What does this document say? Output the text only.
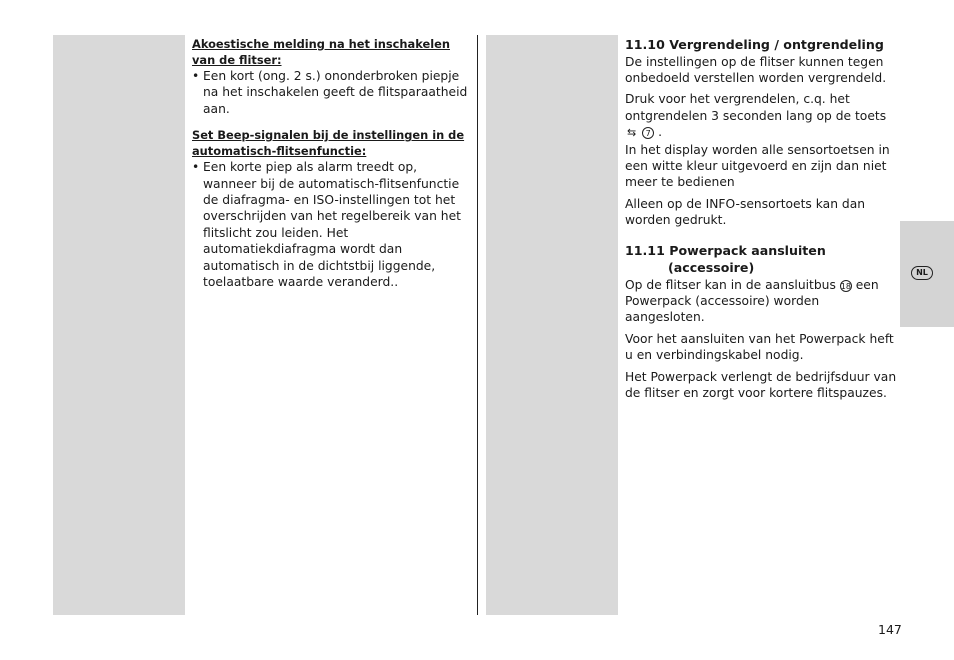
NL

Akoestische melding na het inschakelen van de flitser:

• Een kort (ong. 2 s.) ononderbroken piepje na het inschakelen geeft de flitsparaatheid aan.

Set Beep-signalen bij de instellingen in de automatisch-flitsenfunctie:

• Een korte piep als alarm treedt op, wanneer bij de automatisch-flitsenfunctie de diafragma- en ISO-instellingen tot het overschrijden van het regelbereik van het flitslicht zou leiden. Het automatiekdiafragma wordt dan automatisch in de dichtstbij liggende, toelaatbare waarde veranderd..

11.10 Vergrendeling / ontgrendeling

De instellingen op de flitser kunnen tegen onbedoeld verstellen worden vergrendeld.

Druk voor het vergrendelen, c.q. het ontgrendelen 3 seconden lang op de toets ⇆ 7 .
In het display worden alle sensortoetsen in een witte kleur uitgevoerd en zijn dan niet meer te bedienen

Alleen op de INFO-sensortoets kan dan worden gedrukt.

11.11 Powerpack aansluiten
(accessoire)

Op de flitser kan in de aansluitbus 18 een Powerpack (accessoire) worden aangesloten.

Voor het aansluiten van het Powerpack heft u en verbindingskabel nodig.

Het Powerpack verlengt de bedrijfsduur van de flitser en zorgt voor kortere flitspauzes.

147
